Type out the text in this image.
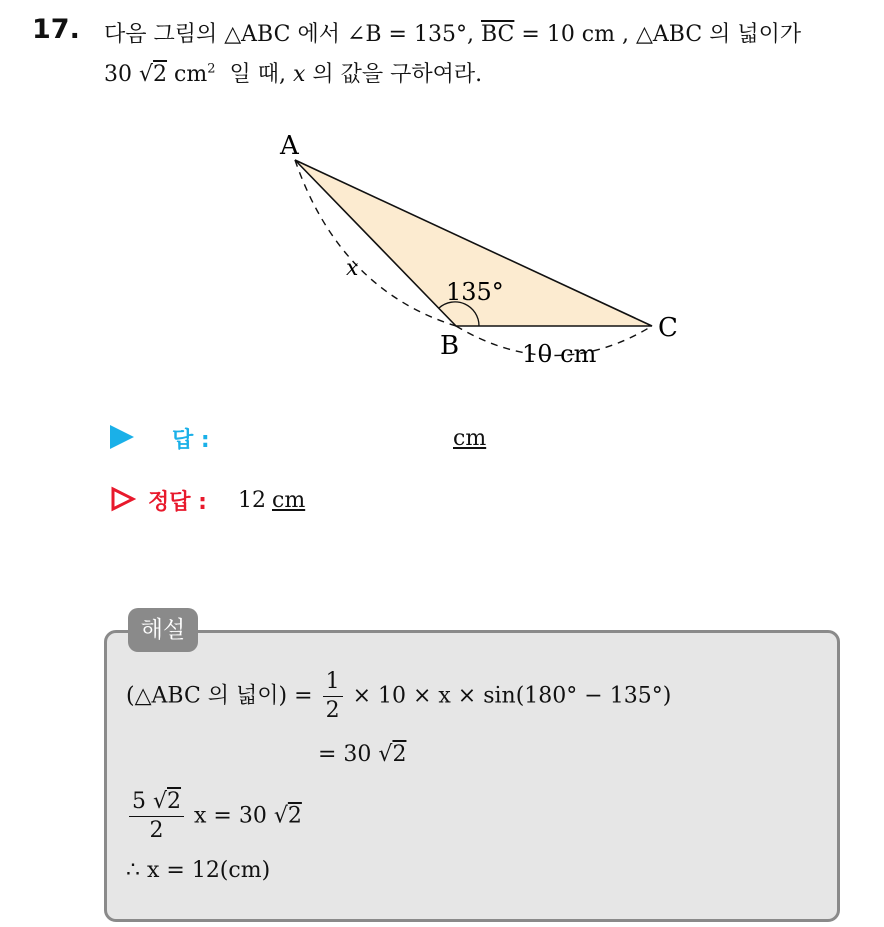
17. 다음 그림의 △ABC 에서 ∠B = 135°, $\overline{BC} = 10$ cm , △ABC 의 넓이가
30 √2 $cm^2$ 일 때, x 의 값을 구하여라.
A
B
C
135°
x
10 cm
답 :	cm
정답 : 12 cm
해설
(△ABC 의 넓이) = $\frac{1}{2} \times 10 \times x \times \sin(180^\circ - 135^\circ)$
= 30 √2
$\frac{5 √2}{2}$ x = 30 √2
∴ x = 12(cm)
